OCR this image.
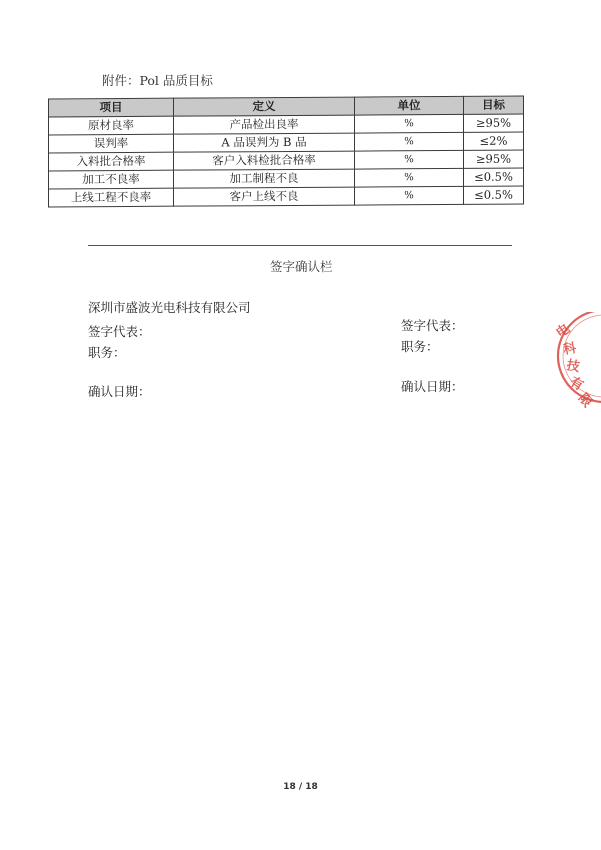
附件：Pol 品质目标
项目	定义	单位	目标
原材良率	产品检出良率	%	≥95%
误判率	A 品误判为 B 品	%	≤2%
入料批合格率	客户入料检批合格率	%	≥95%
加工不良率	加工制程不良	%	≤0.5%
上线工程不良率	客户上线不良	%	≤0.5%
签字确认栏
深圳市盛波光电科技有限公司
签字代表：
职务：
确认日期：
签字代表：
职务：
确认日期：
电
科
技
有
限
18 / 18
